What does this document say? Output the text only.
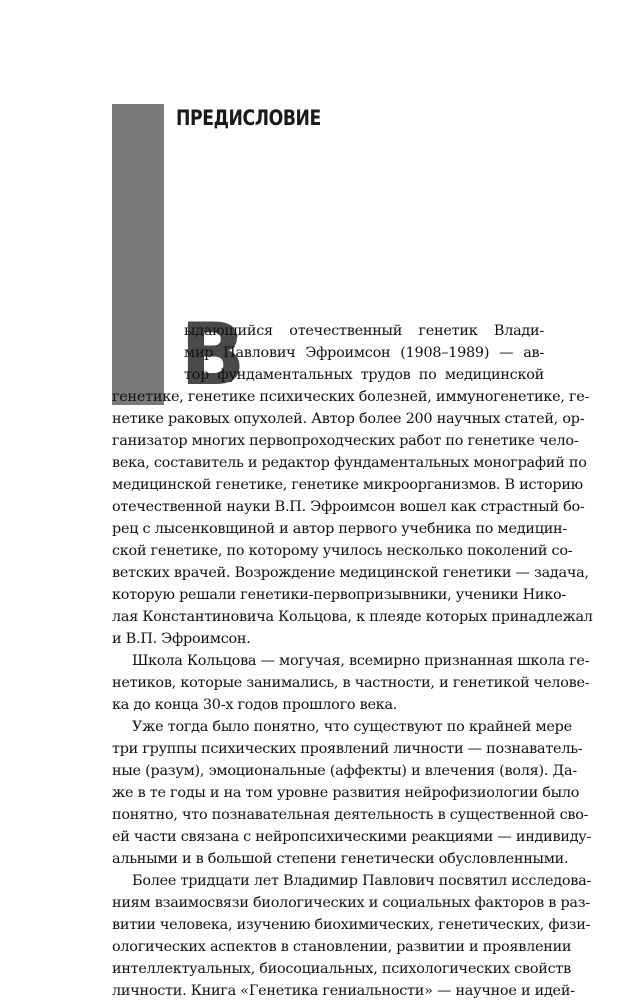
ПРЕДИСЛОВИЕ
В
ыдающийся отечественный генетик Влади-
мир Павлович Эфроимсон (1908–1989) — ав-
тор фундаментальных трудов по медицинской
генетике, генетике психических болезней, иммуногенетике, ге-
нетике раковых опухолей. Автор более 200 научных статей, ор-
ганизатор многих первопроходческих работ по генетике чело-
века, составитель и редактор фундаментальных монографий по
медицинской генетике, генетике микроорганизмов. В историю
отечественной науки В.П. Эфроимсон вошел как страстный бо-
рец с лысенковщиной и автор первого учебника по медицин-
ской генетике, по которому училось несколько поколений со-
ветских врачей. Возрождение медицинской генетики — задача,
которую решали генетики-первопризывники, ученики Нико-
лая Константиновича Кольцова, к плеяде которых принадлежал
и В.П. Эфроимсон.
Школа Кольцова — могучая, всемирно признанная школа ге-
нетиков, которые занимались, в частности, и генетикой челове-
ка до конца 30-х годов прошлого века.
Уже тогда было понятно, что существуют по крайней мере
три группы психических проявлений личности — познаватель-
ные (разум), эмоциональные (аффекты) и влечения (воля). Да-
же в те годы и на том уровне развития нейрофизиологии было
понятно, что познавательная деятельность в существенной сво-
ей части связана с нейропсихическими реакциями — индивиду-
альными и в большой степени генетически обусловленными.
Более тридцати лет Владимир Павлович посвятил исследова-
ниям взаимосвязи биологических и социальных факторов в раз-
витии человека, изучению биохимических, генетических, физи-
ологических аспектов в становлении, развитии и проявлении
интеллектуальных, биосоциальных, психологических свойств
личности. Книга «Генетика гениальности» — научное и идей-
